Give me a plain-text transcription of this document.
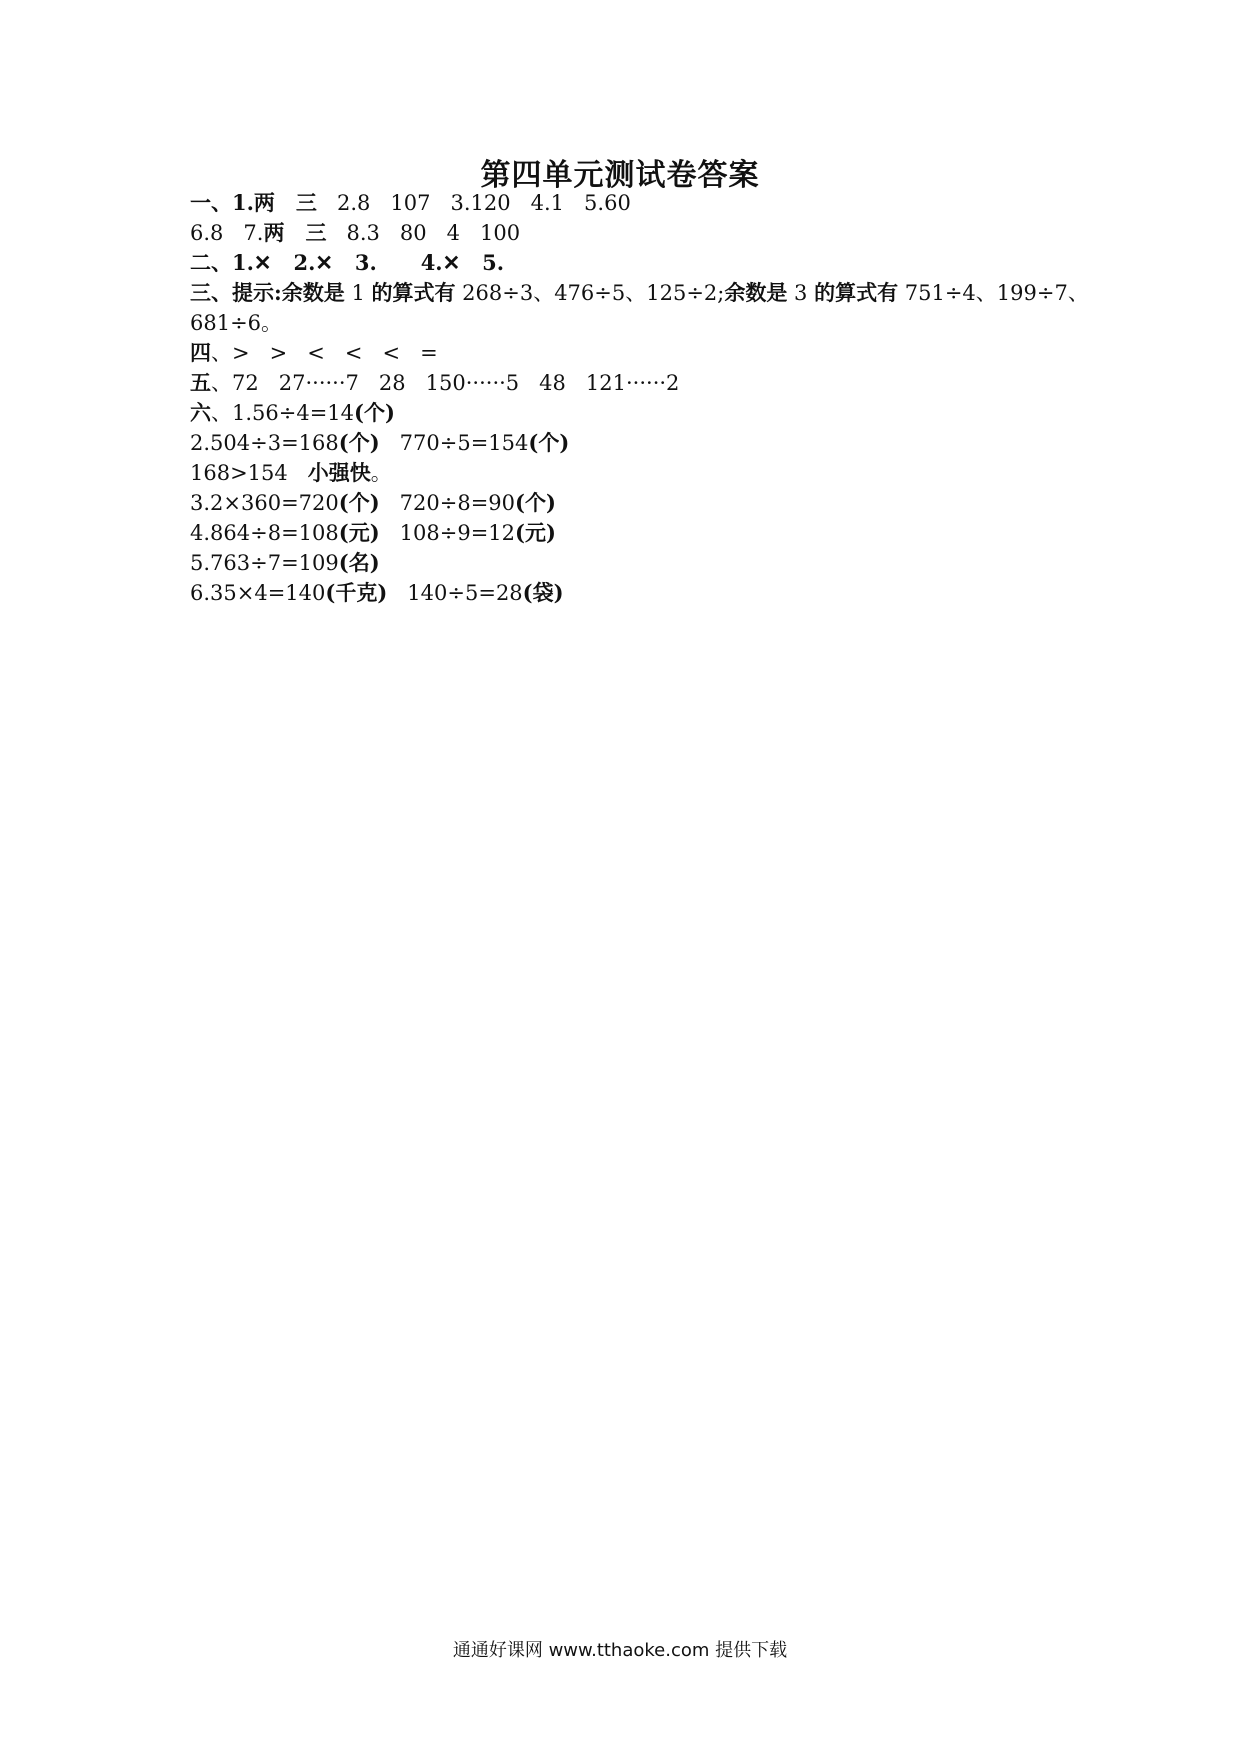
第四单元测试卷答案
一、1.两　三   2.8   107   3.120   4.1   5.60
6.8   7.两　三   8.3   80   4   100
二、1.✕   2.✕   3.      4.✕   5.
三、提示:余数是 1 的算式有 268÷3、476÷5、125÷2;余数是 3 的算式有 751÷4、199÷7、
681÷6。
四、>   >   <   <   <   =
五、72   27······7   28   150······5   48   121······2
六、1.56÷4=14(个)
2.504÷3=168(个)   770÷5=154(个)
168>154   小强快。
3.2×360=720(个)   720÷8=90(个)
4.864÷8=108(元)   108÷9=12(元)
5.763÷7=109(名)
6.35×4=140(千克)   140÷5=28(袋)
通通好课网 www.tthaoke.com 提供下载
